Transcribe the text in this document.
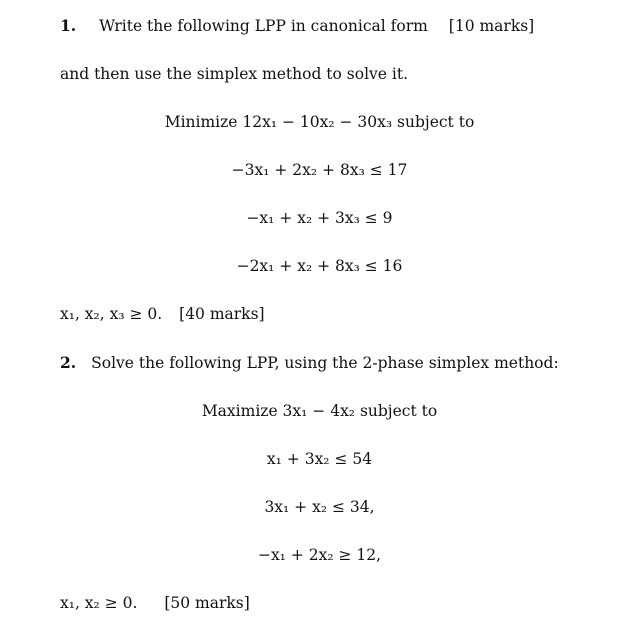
1. Write the following LPP in canonical form [10 marks]
and then use the simplex method to solve it.
Minimize 12x₁ − 10x₂ − 30x₃ subject to
−3x₁ + 2x₂ + 8x₃ ≤ 17
−x₁ + x₂ + 3x₃ ≤ 9
−2x₁ + x₂ + 8x₃ ≤ 16
x₁, x₂, x₃ ≥ 0. [40 marks]
2. Solve the following LPP, using the 2-phase simplex method:
Maximize 3x₁ − 4x₂ subject to
x₁ + 3x₂ ≤ 54
3x₁ + x₂ ≤ 34,
−x₁ + 2x₂ ≥ 12,
x₁, x₂ ≥ 0. [50 marks]
